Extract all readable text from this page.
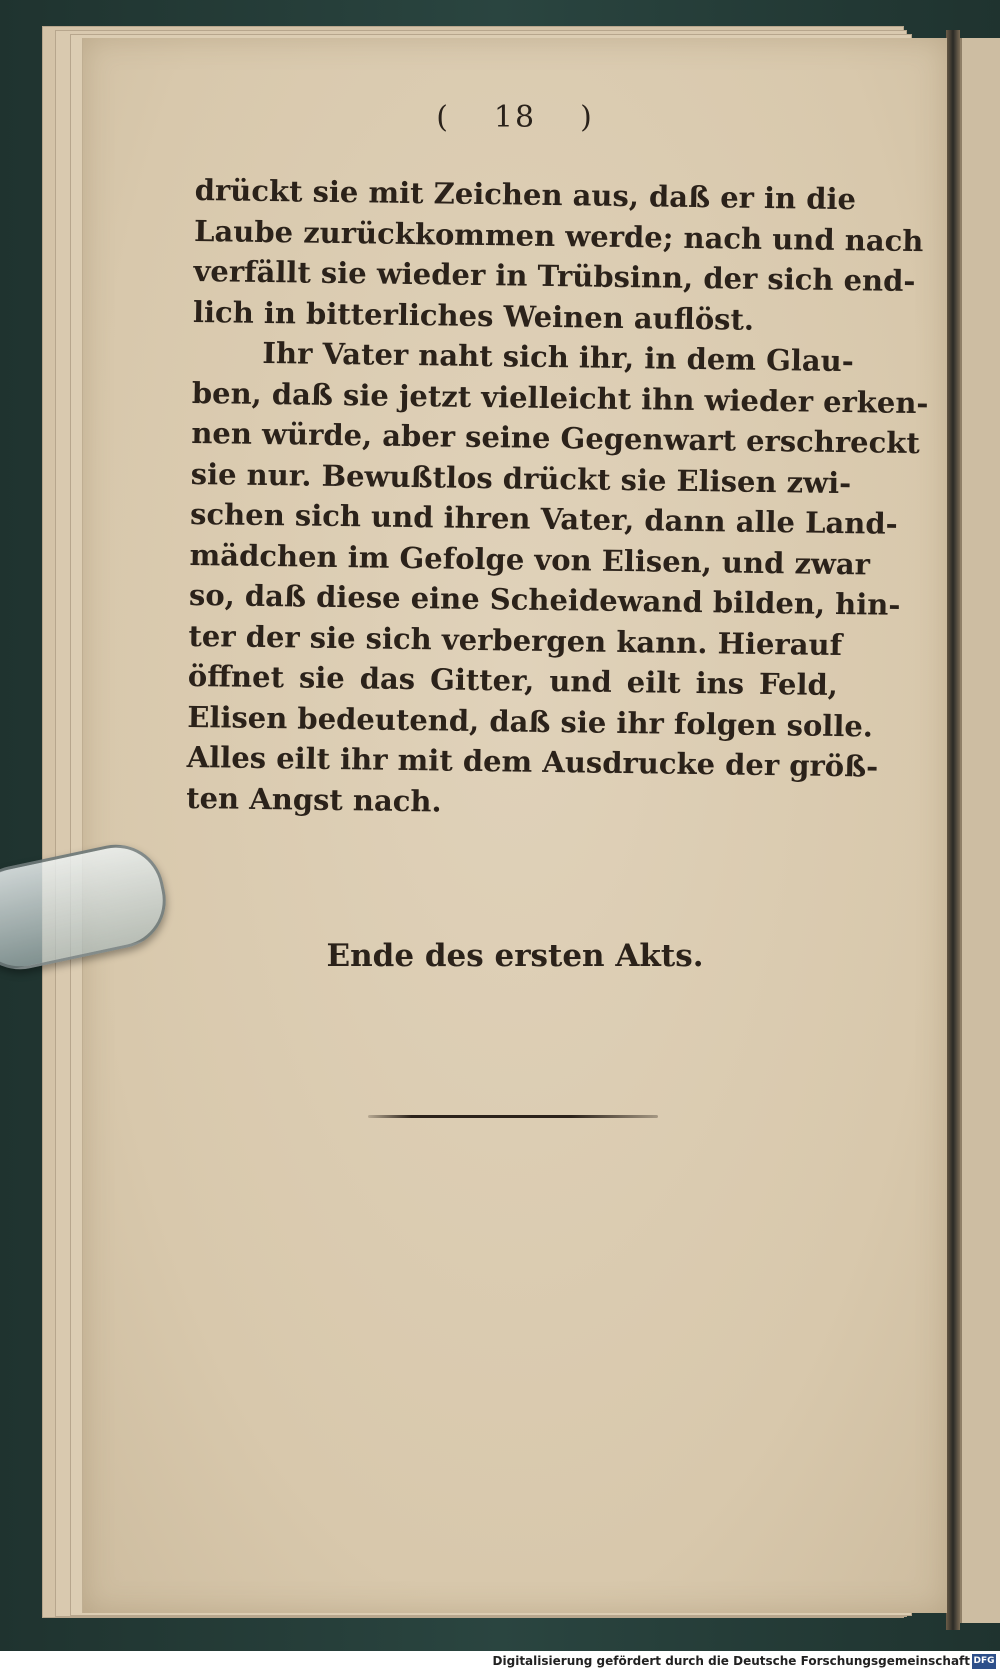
( 18 )
drückt sie mit Zeichen aus, daß er in die
Laube zurückkommen werde; nach und nach
verfällt sie wieder in Trübsinn, der sich end-
lich in bitterliches Weinen auflöst.
Ihr Vater naht sich ihr, in dem Glau-
ben, daß sie jetzt vielleicht ihn wieder erken-
nen würde, aber seine Gegenwart erschreckt
sie nur. Bewußtlos drückt sie Elisen zwi-
schen sich und ihren Vater, dann alle Land-
mädchen im Gefolge von Elisen, und zwar
so, daß diese eine Scheidewand bilden, hin-
ter der sie sich verbergen kann. Hierauf
öffnet sie das Gitter, und eilt ins Feld,
Elisen bedeutend, daß sie ihr folgen solle.
Alles eilt ihr mit dem Ausdrucke der größ-
ten Angst nach.
Ende des ersten Akts.
Digitalisierung gefördert durch die Deutsche Forschungsgemeinschaft DFG
